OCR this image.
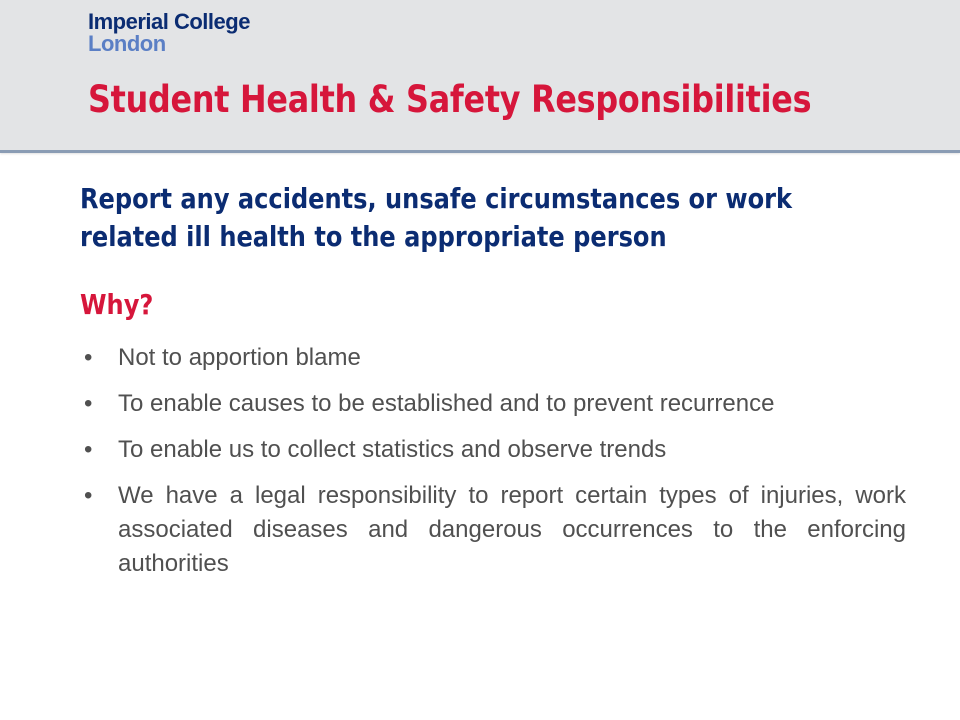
Imperial College
London
Student Health & Safety Responsibilities
Report any accidents, unsafe circumstances or work related ill health to the appropriate person
Why?
• Not to apportion blame
• To enable causes to be established and to prevent recurrence
• To enable us to collect statistics and observe trends
• We have a legal responsibility to report certain types of injuries, work associated diseases and dangerous occurrences to the enforcing authorities
